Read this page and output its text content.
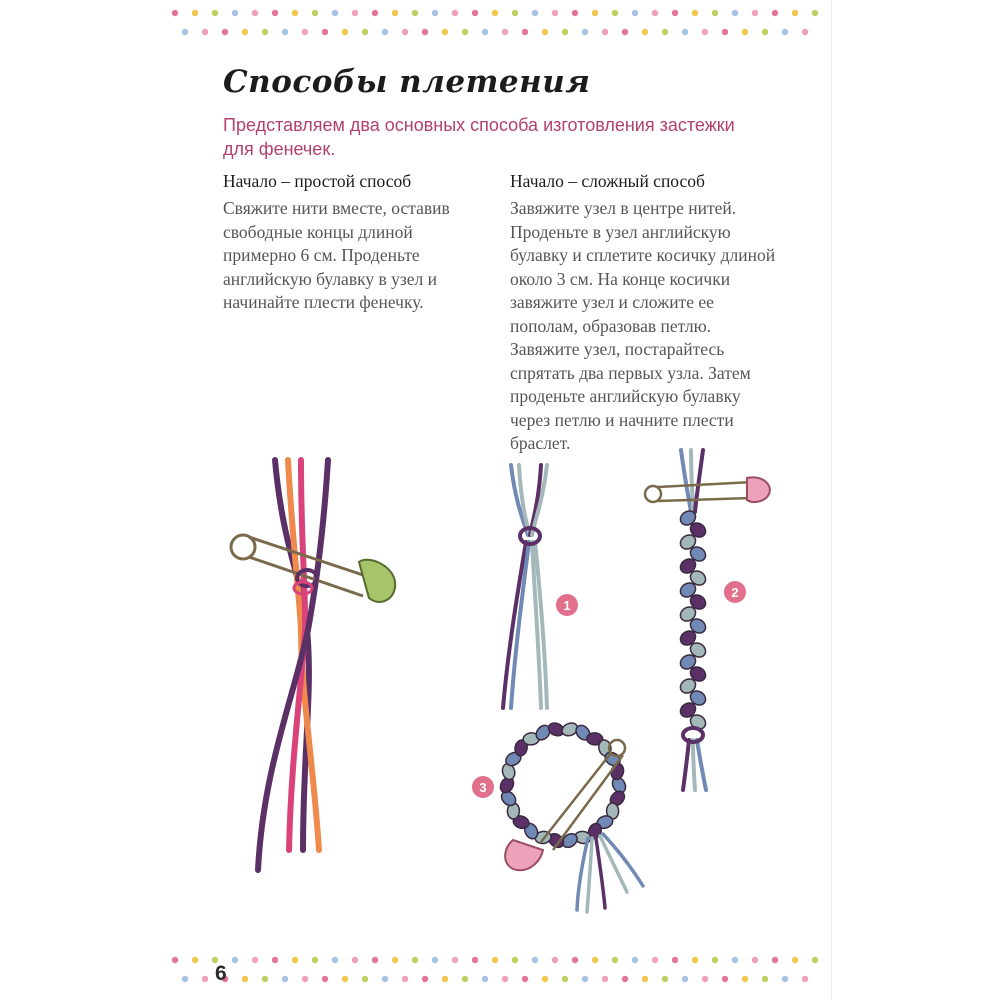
Способы плетения

Представляем два основных способа изготовления застежки для фенечек.

Начало – простой способ

Свяжите нити вместе, оставив свободные концы длиной примерно 6 см. Проденьте английскую булавку в узел и начинайте плести фенечку.

Начало – сложный способ

Завяжите узел в центре нитей. Проденьте в узел английскую булавку и сплетите косичку длиной около 3 см. На конце косички завяжите узел и сложите ее пополам, образовав петлю. Завяжите узел, постарайтесь спрятать два первых узла. Затем проденьте английскую булавку через петлю и начните плести браслет.

1
2
3
6
